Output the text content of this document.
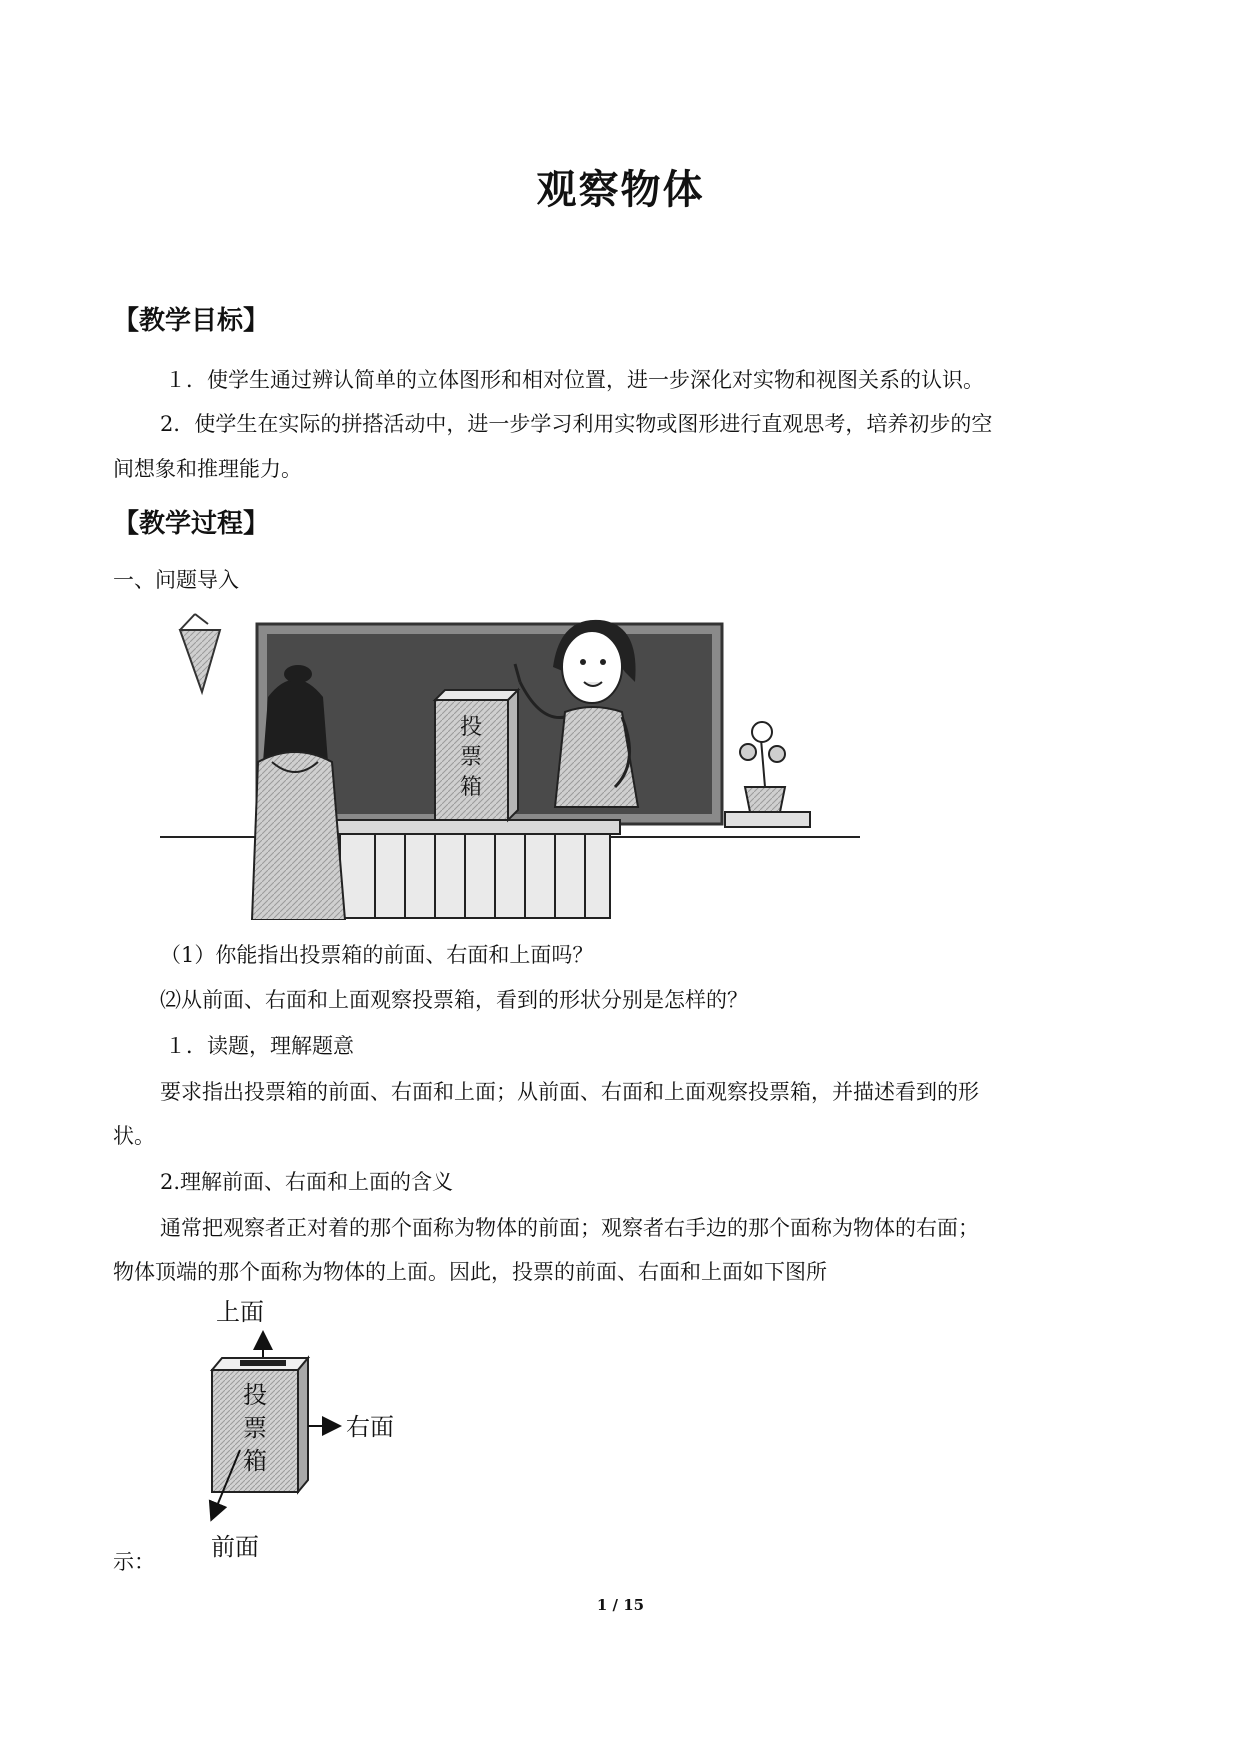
观察物体
【教学目标】
１．使学生通过辨认简单的立体图形和相对位置，进一步深化对实物和视图关系的认识。
2．使学生在实际的拼搭活动中，进一步学习利用实物或图形进行直观思考，培养初步的空
间想象和推理能力。
【教学过程】
一、问题导入
投
票
箱
（1）你能指出投票箱的前面、右面和上面吗？
⑵从前面、右面和上面观察投票箱，看到的形状分别是怎样的？
１．读题，理解题意
要求指出投票箱的前面、右面和上面；从前面、右面和上面观察投票箱，并描述看到的形
状。
2.理解前面、右面和上面的含义
通常把观察者正对着的那个面称为物体的前面；观察者右手边的那个面称为物体的右面；
物体顶端的那个面称为物体的上面。因此，投票的前面、右面和上面如下图所
上面
投
票
箱
右面
前面
示：
1 / 15
